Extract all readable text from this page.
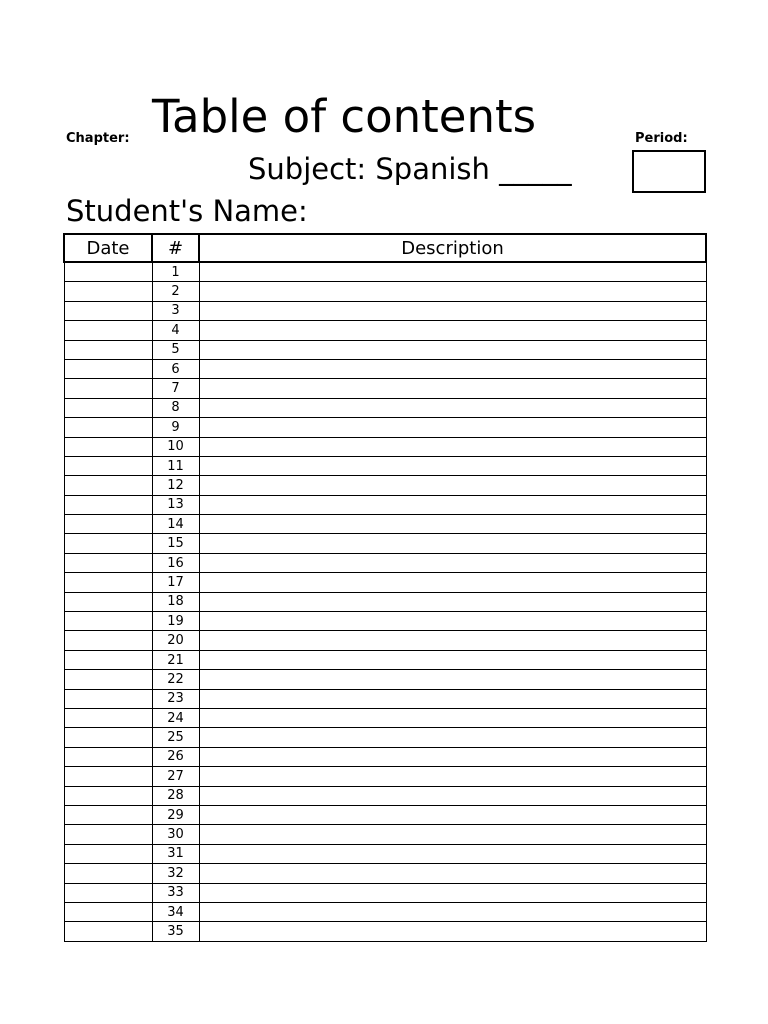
Chapter: Table of contents	Period:
Subject: Spanish _____
Student's Name:
Date	#	Description
	1	
	2	
	3	
	4	
	5	
	6	
	7	
	8	
	9	
	10	
	11	
	12	
	13	
	14	
	15	
	16	
	17	
	18	
	19	
	20	
	21	
	22	
	23	
	24	
	25	
	26	
	27	
	28	
	29	
	30	
	31	
	32	
	33	
	34	
	35	
